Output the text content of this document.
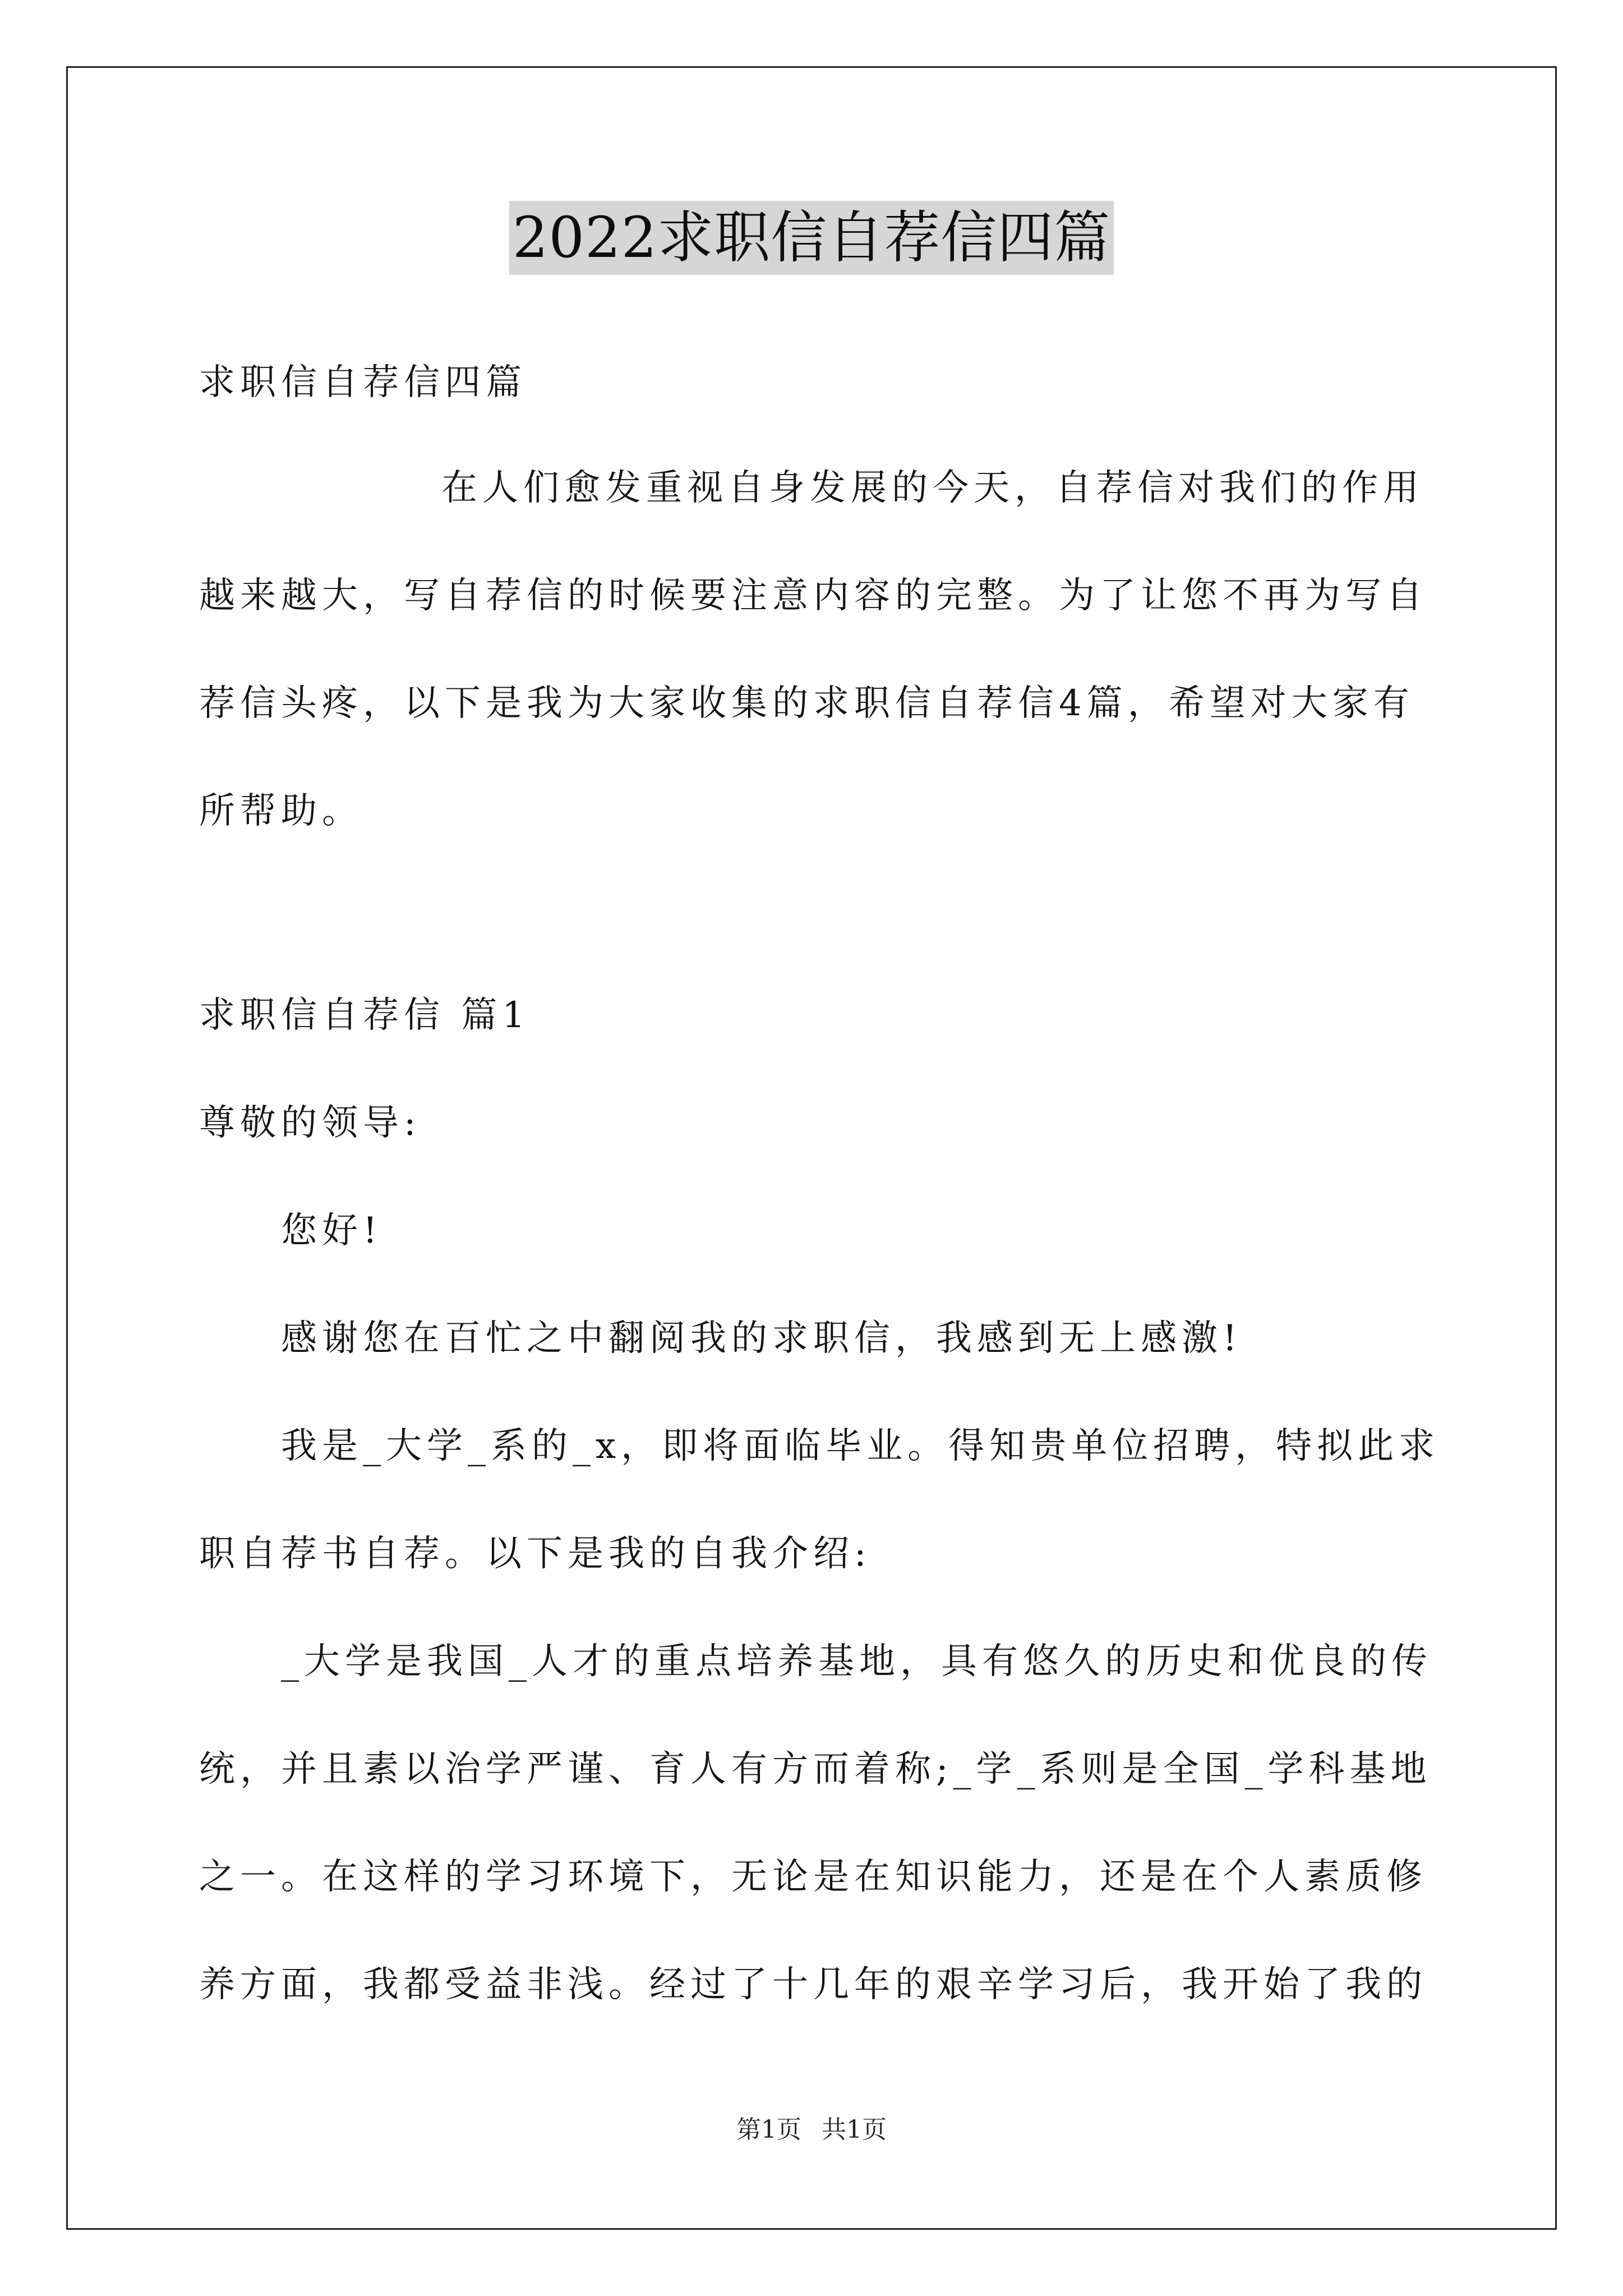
2022求职信自荐信四篇
求职信自荐信四篇
在人们愈发重视自身发展的今天，自荐信对我们的作用
越来越大，写自荐信的时候要注意内容的完整。为了让您不再为写自
荐信头疼，以下是我为大家收集的求职信自荐信4篇，希望对大家有
所帮助。
求职信自荐信 篇1
尊敬的领导:
您好!
感谢您在百忙之中翻阅我的求职信，我感到无上感激!
我是_大学_系的_x，即将面临毕业。得知贵单位招聘，特拟此求
职自荐书自荐。以下是我的自我介绍:
_大学是我国_人才的重点培养基地，具有悠久的历史和优良的传
统，并且素以治学严谨、育人有方而着称;_学_系则是全国_学科基地
之一。在这样的学习环境下，无论是在知识能力，还是在个人素质修
养方面，我都受益非浅。经过了十几年的艰辛学习后，我开始了我的
第1页 共1页
